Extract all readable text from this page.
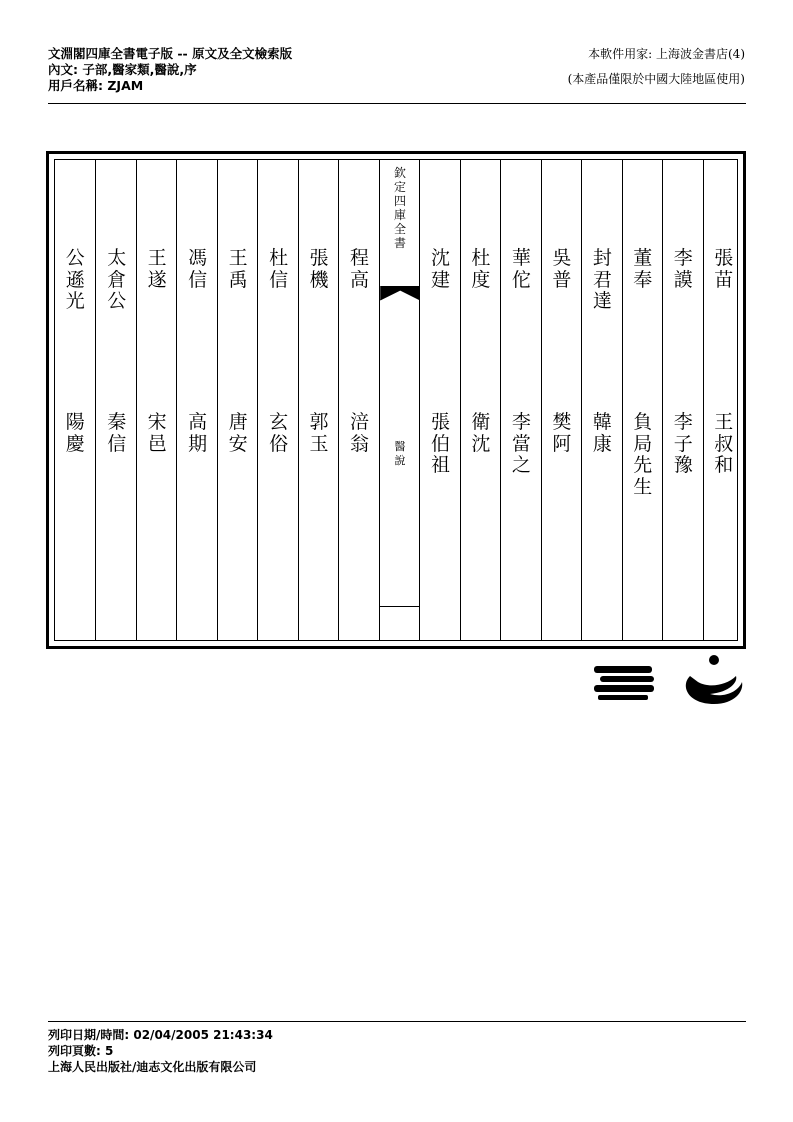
文淵閣四庫全書電子版 -- 原文及全文檢索版
內文: 子部,醫家類,醫說,序
用戶名稱: ZJAM
本軟件用家: 上海波金書店(4)
(本產品僅限於中國大陸地區使用)
公
遜
光
陽
慶
太
倉
公
秦
信
王
遂
宋
邑
馮
信
高
期
王
禹
唐
安
杜
信
玄
俗
張
機
郭
玉
程
高
涪
翁
欽
定
四
庫
全
書
醫
說
沈
建
張
伯
祖
杜
度
衛
沈
華
佗
李
當
之
吳
普
樊
阿
封
君
達
韓
康
董
奉
負
局
先
生
李
謨
李
子
豫
張
苗
王
叔
和
列印日期/時間: 02/04/2005 21:43:34
列印頁數: 5
上海人民出版社/迪志文化出版有限公司
